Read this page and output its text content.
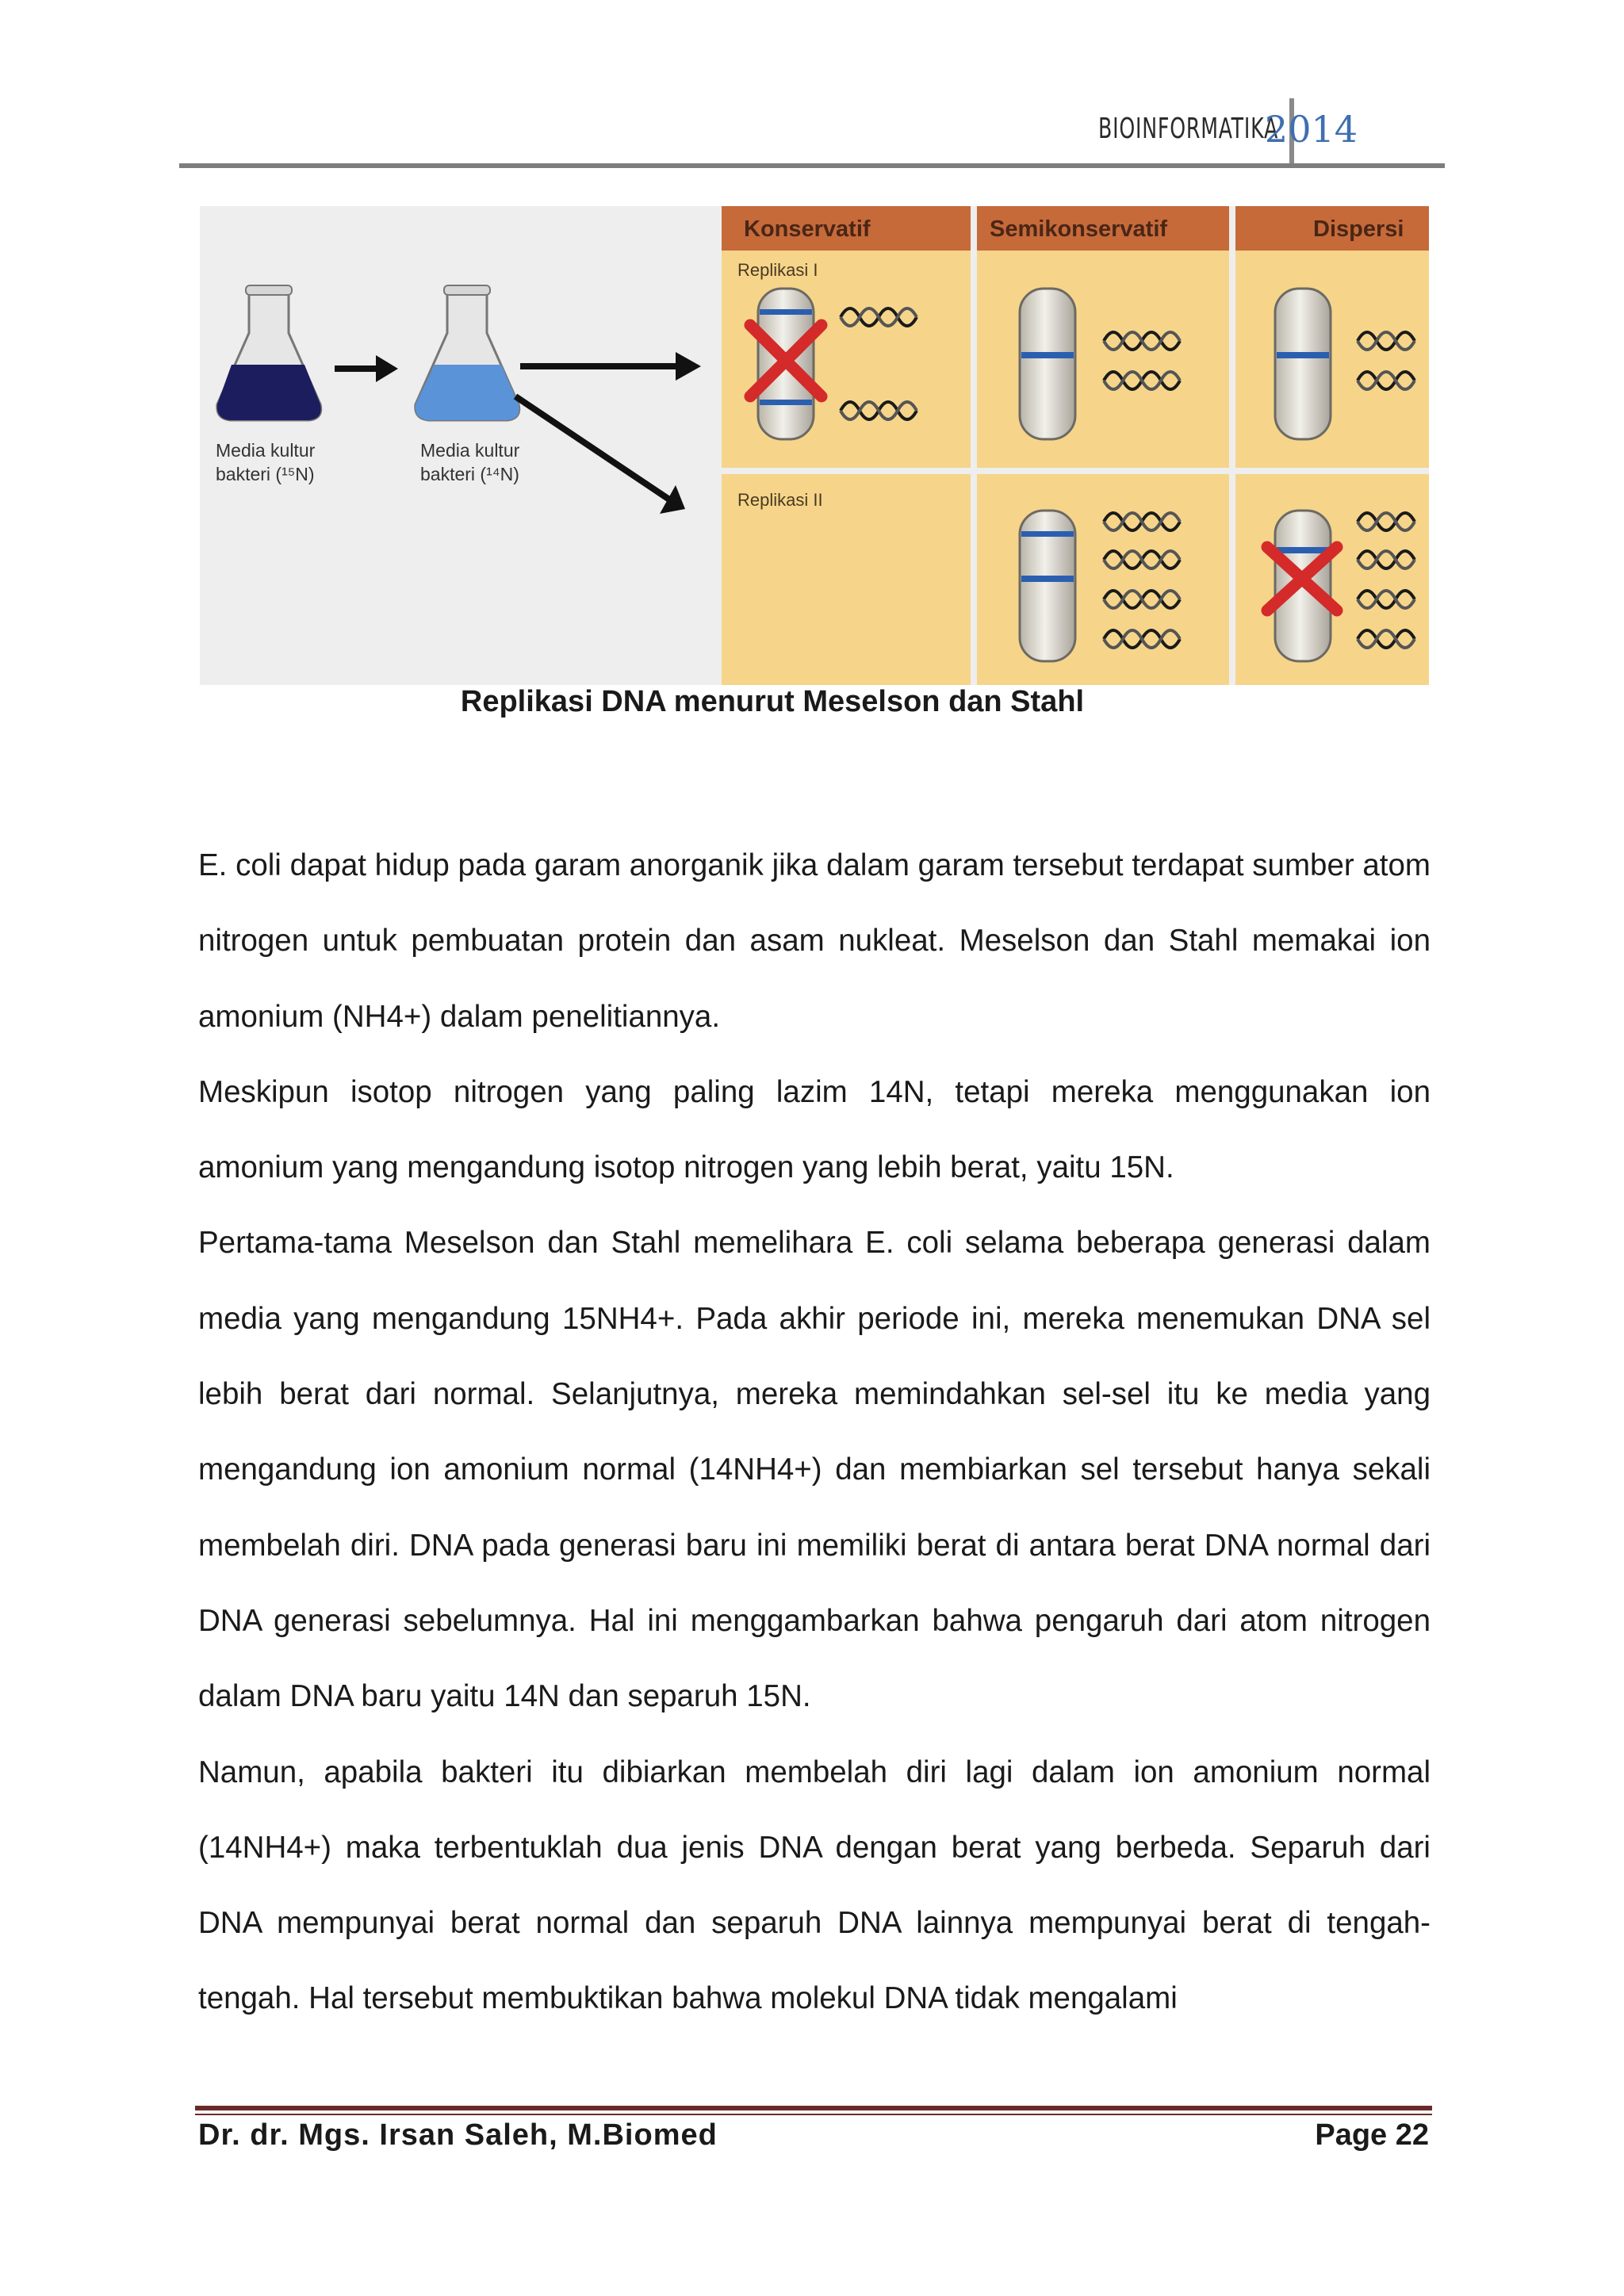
BIOINFORMATIKA
2014
Media kultur
bakteri (¹⁵N)
Media kultur
bakteri (¹⁴N)
Konservatif	Semikonservatif	Dispersi
Replikasi I
Replikasi II
Replikasi DNA menurut Meselson dan Stahl

E. coli dapat hidup pada garam anorganik jika dalam garam tersebut terdapat sumber atom nitrogen untuk pembuatan protein dan asam nukleat. Meselson dan Stahl memakai ion amonium (NH4+) dalam penelitiannya.

Meskipun isotop nitrogen yang paling lazim 14N, tetapi mereka menggunakan ion amonium yang mengandung isotop nitrogen yang lebih berat, yaitu 15N.

Pertama-tama Meselson dan Stahl memelihara E. coli selama beberapa generasi dalam media yang mengandung 15NH4+. Pada akhir periode ini, mereka menemukan DNA sel lebih berat dari normal. Selanjutnya, mereka memindahkan sel-sel itu ke media yang mengandung ion amonium normal (14NH4+) dan membiarkan sel tersebut hanya sekali membelah diri. DNA pada generasi baru ini memiliki berat di antara berat DNA normal dari DNA generasi sebelumnya. Hal ini menggambarkan bahwa pengaruh dari atom nitrogen dalam DNA baru yaitu 14N dan separuh 15N.

Namun, apabila bakteri itu dibiarkan membelah diri lagi dalam ion amonium normal (14NH4+) maka terbentuklah dua jenis DNA dengan berat yang berbeda. Separuh dari DNA mempunyai berat normal dan separuh DNA lainnya mempunyai berat di tengah-tengah. Hal tersebut membuktikan bahwa molekul DNA tidak mengalami

Dr. dr. Mgs. Irsan Saleh, M.Biomed	Page 22
